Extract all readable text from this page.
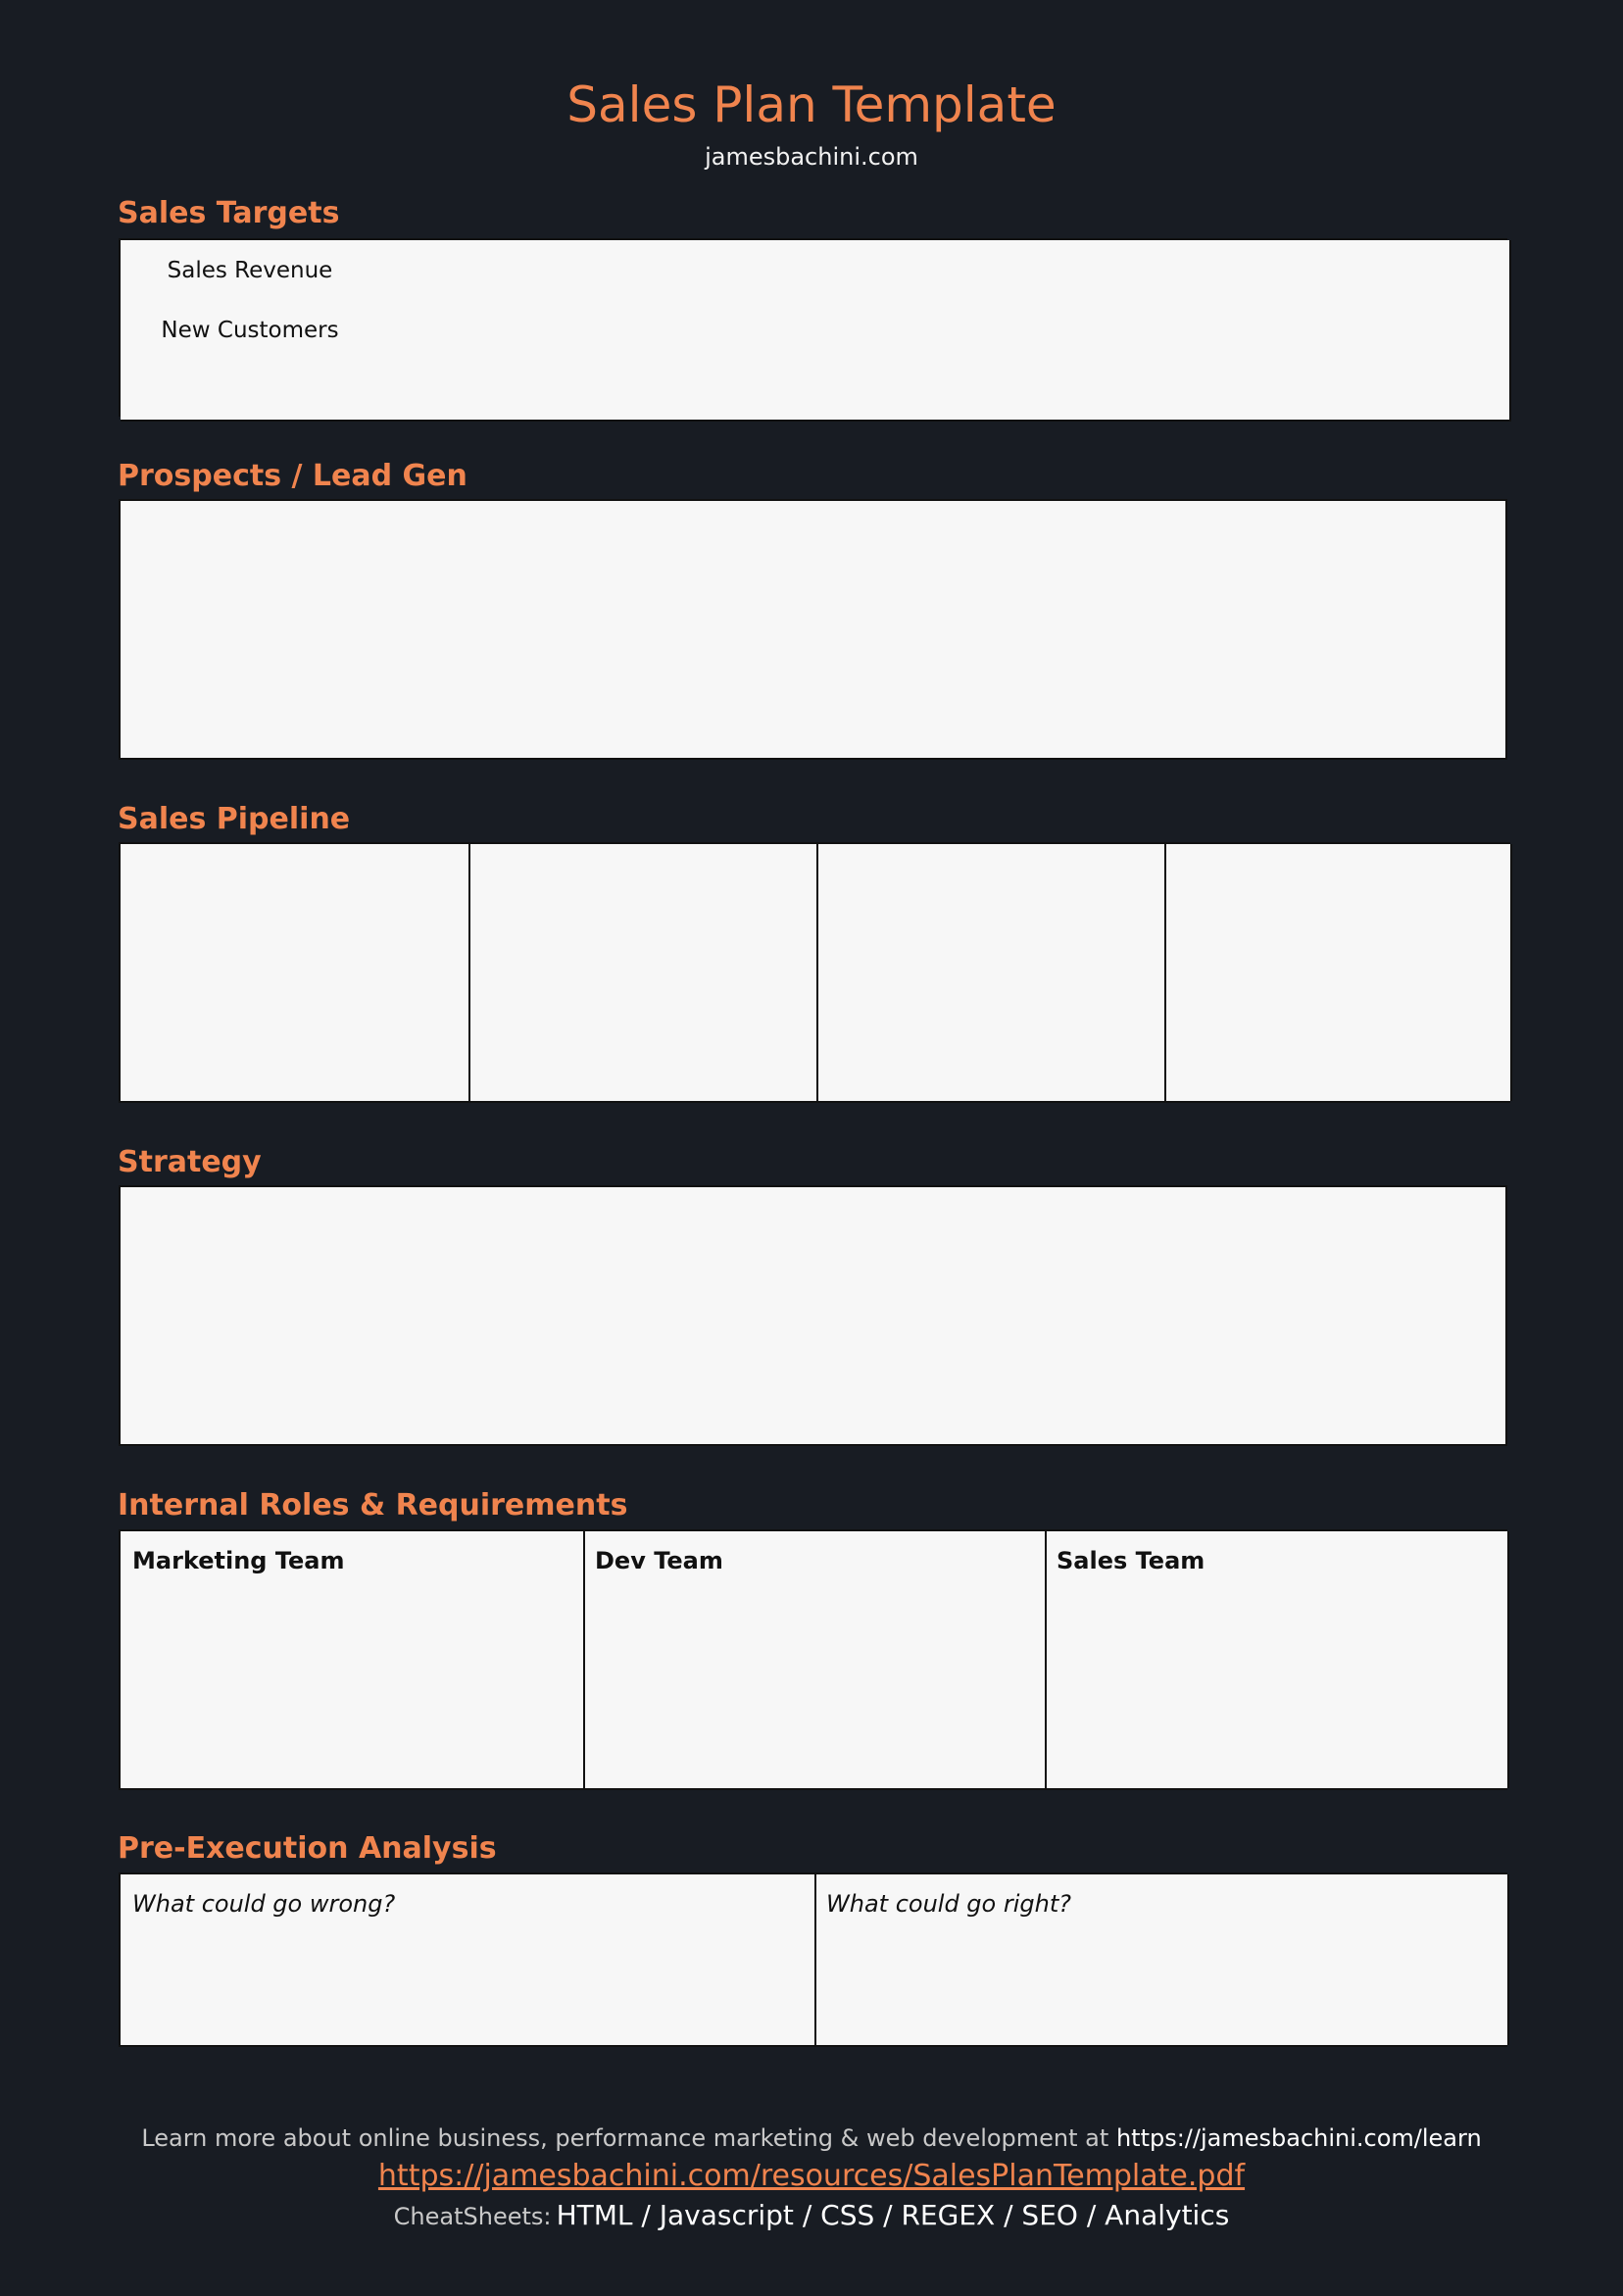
Sales Plan Template
jamesbachini.com
Sales Targets
Sales Revenue
New Customers
Prospects / Lead Gen
Sales Pipeline
Strategy
Internal Roles & Requirements
Marketing Team	Dev Team	Sales Team
Pre-Execution Analysis
What could go wrong?	What could go right?
Learn more about online business, performance marketing & web development at https://jamesbachini.com/learn
https://jamesbachini.com/resources/SalesPlanTemplate.pdf
CheatSheets: HTML / Javascript / CSS / REGEX / SEO / Analytics
